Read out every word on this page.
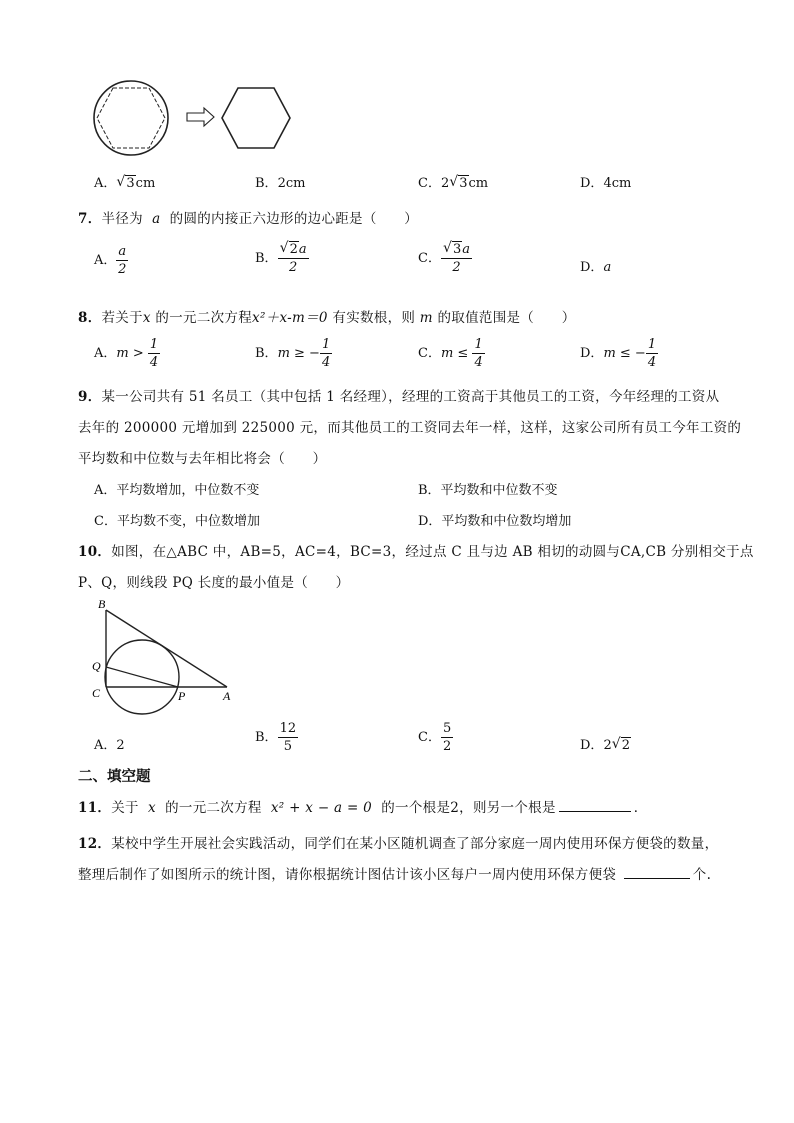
A． √ 3cm	B．2cm	C．2 √ 3cm	D．4cm
7．半径为 a 的圆的内接正六边形的边心距是（　　）
A． $\frac{a}{2}$	B． √ $\frac{2a}{2}$	C． √ $\frac{3a}{2}$	D．a
8．若关于x 的一元二次方程x²＋x-m＝0 有实数根，则 m 的取值范围是（　　）
A．$m > \frac{1}{4}$	B．m ≥ − $\frac{1}{4}$	C．$m \le \frac{1}{4}$	D．m ≤ − $\frac{1}{4}$
9．某一公司共有 51 名员工（其中包括 1 名经理），经理的工资高于其他员工的工资，今年经理的工资从
去年的 200000 元增加到 225000 元，而其他员工的工资同去年一样，这样，这家公司所有员工今年工资的
平均数和中位数与去年相比将会（　　）
A．平均数增加，中位数不变	B．平均数和中位数不变
C．平均数不变，中位数增加	D．平均数和中位数均增加
10．如图，在△ABC 中，AB=5，AC=4，BC=3，经过点 C 且与边 AB 相切的动圆与CA,CB 分别相交于点
P、Q，则线段 PQ 长度的最小值是（　　）
B
Q
C	P	A
A．2
B． $\frac{12}{5}$	C． $\frac{5}{2}$	D．2 √ 2
二、填空题
11．关于 x 的一元二次方程 x² + x − a = 0 的一个根是2，则另一个根是	．
12．某校中学生开展社会实践活动，同学们在某小区随机调查了部分家庭一周内使用环保方便袋的数量，
整理后制作了如图所示的统计图，请你根据统计图估计该小区每户一周内使用环保方便袋	个.
